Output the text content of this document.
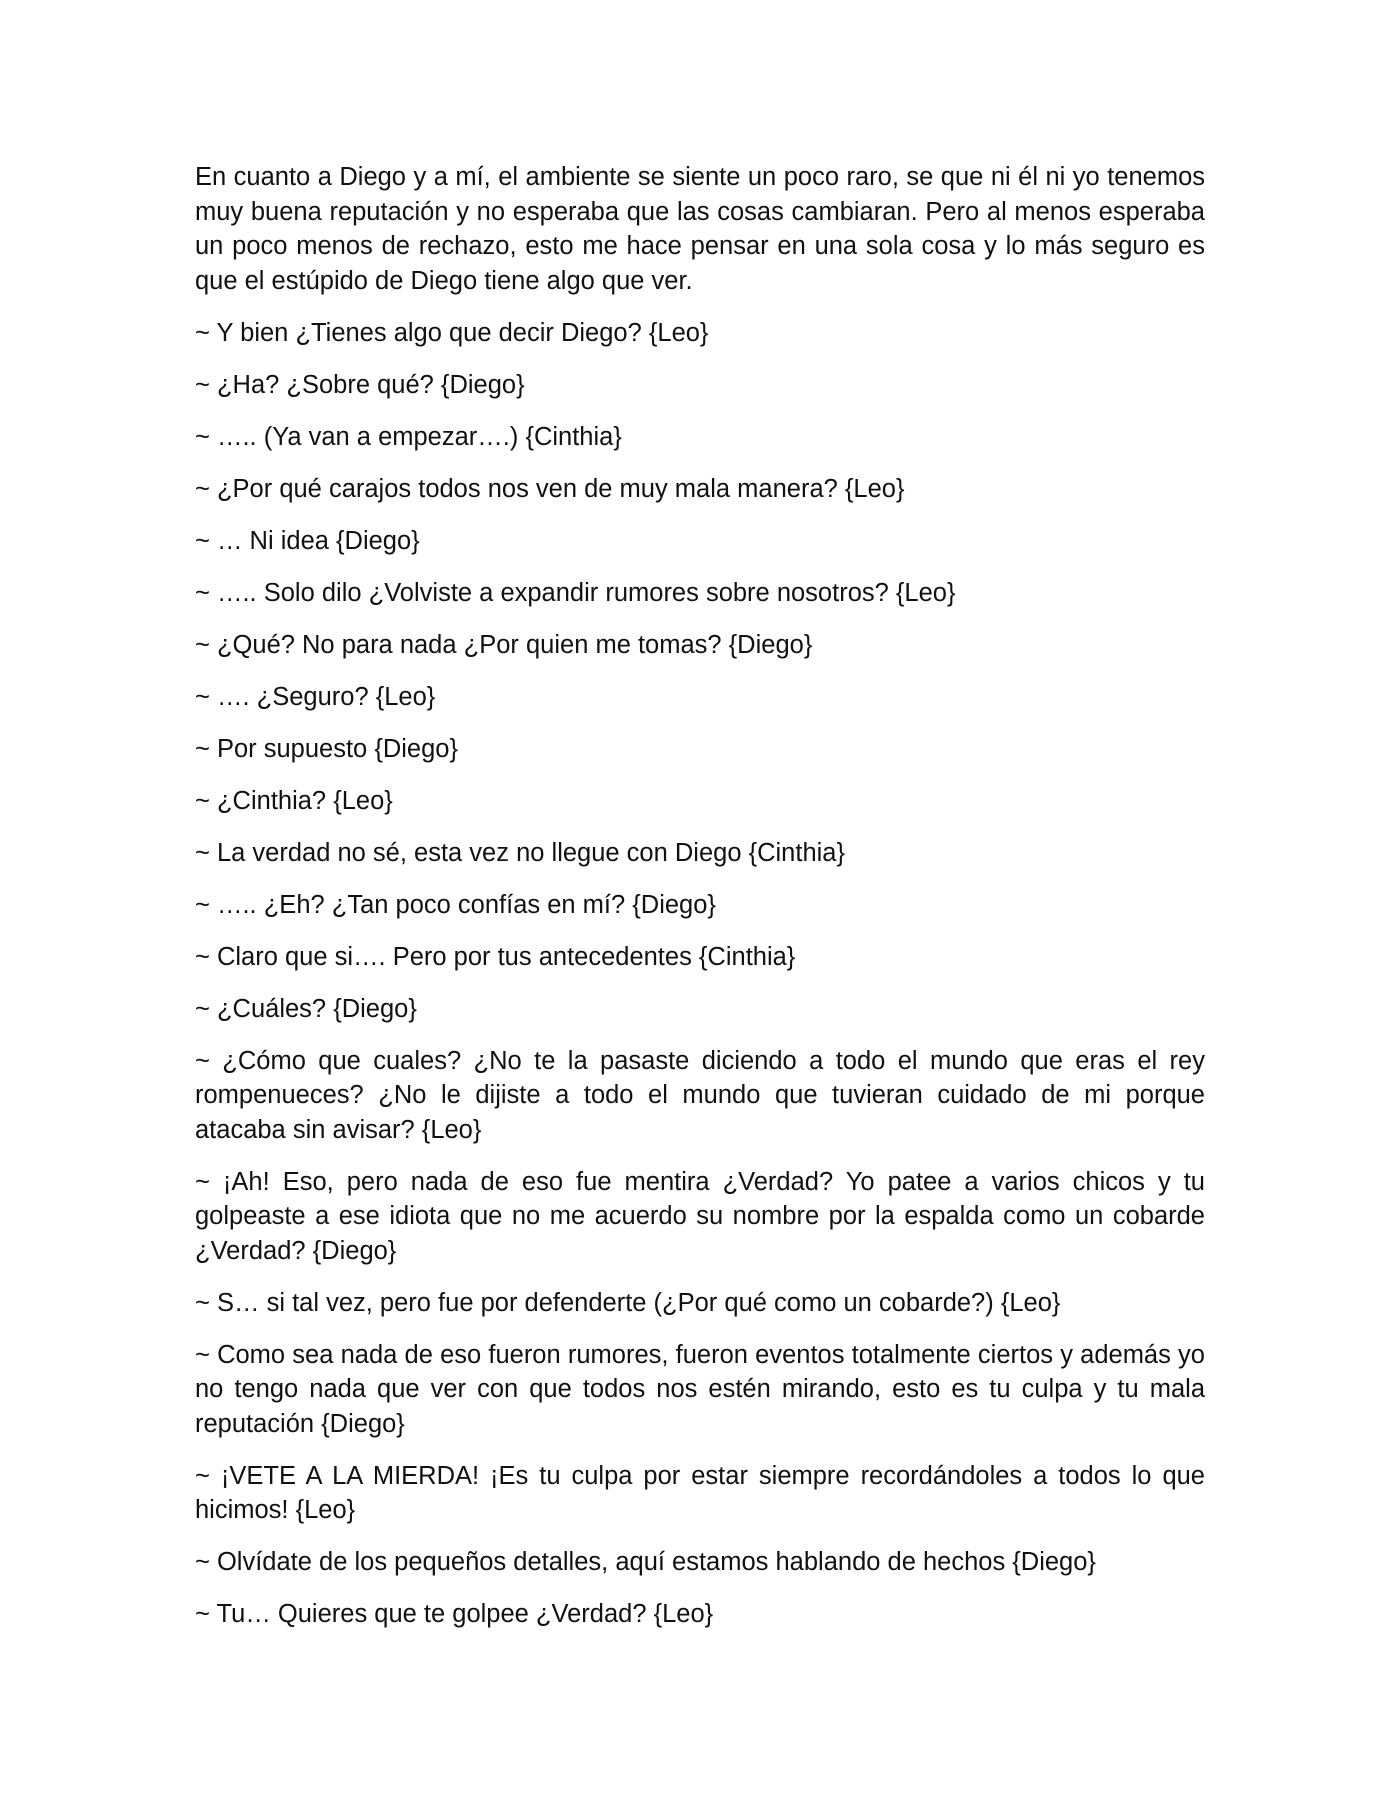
En cuanto a Diego y a mí, el ambiente se siente un poco raro, se que ni él ni yo tenemos muy buena reputación y no esperaba que las cosas cambiaran. Pero al menos esperaba un poco menos de rechazo, esto me hace pensar en una sola cosa y lo más seguro es que el estúpido de Diego tiene algo que ver.

~ Y bien ¿Tienes algo que decir Diego? {Leo}

~ ¿Ha? ¿Sobre qué? {Diego}

~ ….. (Ya van a empezar….) {Cinthia}

~ ¿Por qué carajos todos nos ven de muy mala manera? {Leo}

~ … Ni idea {Diego}

~ ….. Solo dilo ¿Volviste a expandir rumores sobre nosotros? {Leo}

~ ¿Qué? No para nada ¿Por quien me tomas? {Diego}

~ …. ¿Seguro? {Leo}

~ Por supuesto {Diego}

~ ¿Cinthia? {Leo}

~ La verdad no sé, esta vez no llegue con Diego {Cinthia}

~ ….. ¿Eh? ¿Tan poco confías en mí? {Diego}

~ Claro que si…. Pero por tus antecedentes {Cinthia}

~ ¿Cuáles? {Diego}

~ ¿Cómo que cuales? ¿No te la pasaste diciendo a todo el mundo que eras el rey rompenueces? ¿No le dijiste a todo el mundo que tuvieran cuidado de mi porque atacaba sin avisar? {Leo}

~ ¡Ah! Eso, pero nada de eso fue mentira ¿Verdad? Yo patee a varios chicos y tu golpeaste a ese idiota que no me acuerdo su nombre por la espalda como un cobarde ¿Verdad? {Diego}

~ S… si tal vez, pero fue por defenderte (¿Por qué como un cobarde?) {Leo}

~ Como sea nada de eso fueron rumores, fueron eventos totalmente ciertos y además yo no tengo nada que ver con que todos nos estén mirando, esto es tu culpa y tu mala reputación {Diego}

~ ¡VETE A LA MIERDA! ¡Es tu culpa por estar siempre recordándoles a todos lo que hicimos! {Leo}

~ Olvídate de los pequeños detalles, aquí estamos hablando de hechos {Diego}

~ Tu… Quieres que te golpee ¿Verdad? {Leo}
